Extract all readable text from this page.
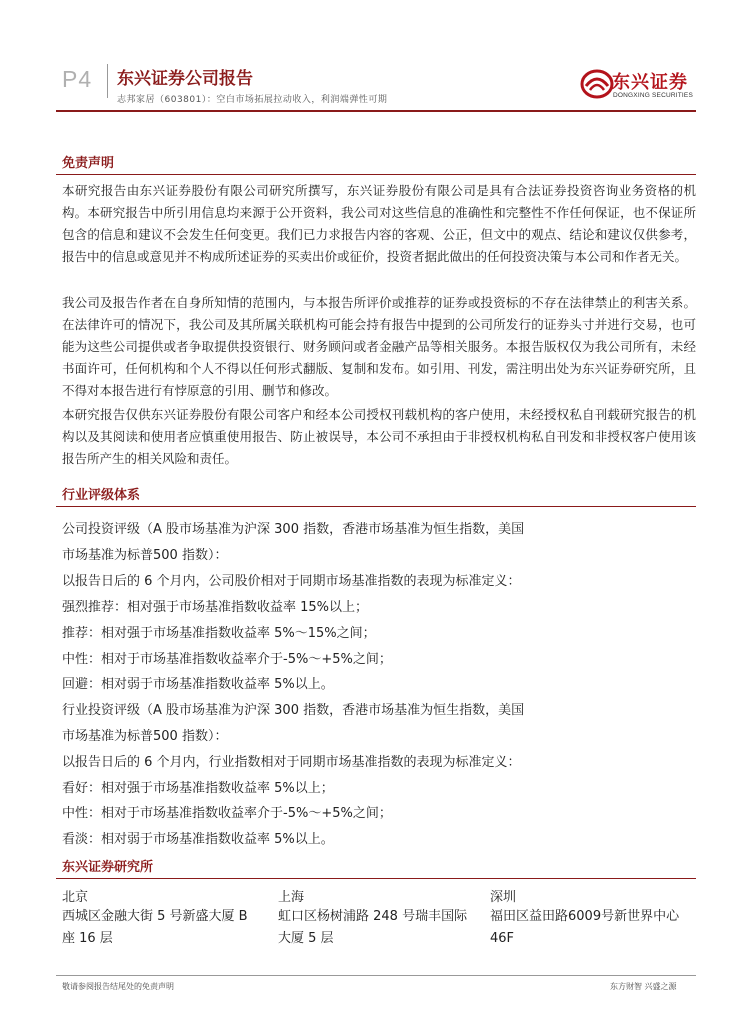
P4 东兴证券公司报告
志邦家居（603801）：空白市场拓展拉动收入，利润端弹性可期
东兴证券
DONGXING SECURITIES
免责声明
本研究报告由东兴证券股份有限公司研究所撰写，东兴证券股份有限公司是具有合法证券投资咨询业务资格的机构。本研究报告中所引用信息均来源于公开资料，我公司对这些信息的准确性和完整性不作任何保证，也不保证所包含的信息和建议不会发生任何变更。我们已力求报告内容的客观、公正，但文中的观点、结论和建议仅供参考，报告中的信息或意见并不构成所述证券的买卖出价或征价，投资者据此做出的任何投资决策与本公司和作者无关。
我公司及报告作者在自身所知情的范围内，与本报告所评价或推荐的证券或投资标的不存在法律禁止的利害关系。在法律许可的情况下，我公司及其所属关联机构可能会持有报告中提到的公司所发行的证券头寸并进行交易，也可能为这些公司提供或者争取提供投资银行、财务顾问或者金融产品等相关服务。本报告版权仅为我公司所有，未经书面许可，任何机构和个人不得以任何形式翻版、复制和发布。如引用、刊发，需注明出处为东兴证券研究所，且不得对本报告进行有悖原意的引用、删节和修改。
本研究报告仅供东兴证券股份有限公司客户和经本公司授权刊载机构的客户使用，未经授权私自刊载研究报告的机构以及其阅读和使用者应慎重使用报告、防止被误导，本公司不承担由于非授权机构私自刊发和非授权客户使用该报告所产生的相关风险和责任。
行业评级体系
公司投资评级（A 股市场基准为沪深 300 指数，香港市场基准为恒生指数，美国
市场基准为标普500 指数）：
以报告日后的 6 个月内，公司股价相对于同期市场基准指数的表现为标准定义：
强烈推荐：相对强于市场基准指数收益率 15%以上；
推荐：相对强于市场基准指数收益率 5%～15%之间；
中性：相对于市场基准指数收益率介于-5%～+5%之间；
回避：相对弱于市场基准指数收益率 5%以上。
行业投资评级（A 股市场基准为沪深 300 指数，香港市场基准为恒生指数，美国
市场基准为标普500 指数）：
以报告日后的 6 个月内，行业指数相对于同期市场基准指数的表现为标准定义：
看好：相对强于市场基准指数收益率 5%以上；
中性：相对于市场基准指数收益率介于-5%～+5%之间；
看淡：相对弱于市场基准指数收益率 5%以上。
东兴证券研究所
北京
西城区金融大街 5 号新盛大厦 B
座 16 层
上海
虹口区杨树浦路 248 号瑞丰国际
大厦 5 层
深圳
福田区益田路6009号新世界中心
46F
敬请参阅报告结尾处的免责声明	东方财智 兴盛之源
